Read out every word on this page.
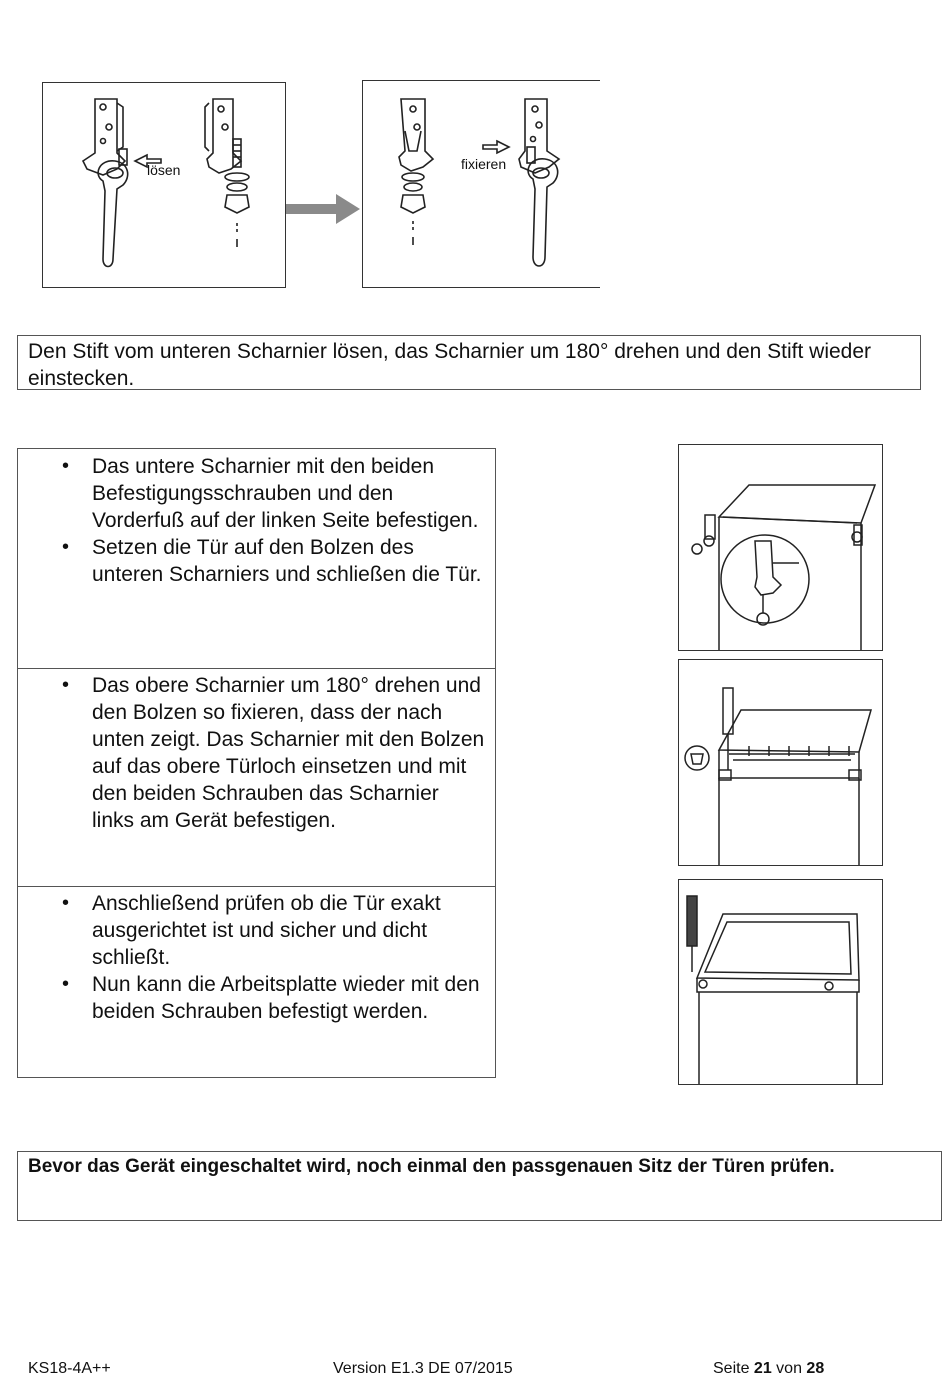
lösen	fixieren
Den Stift vom unteren Scharnier lösen, das Scharnier um 180° drehen und den Stift wieder einstecken.
• Das untere Scharnier mit den beiden Befestigungsschrauben und den Vorderfuß auf der linken Seite befestigen.
• Setzen die Tür auf den Bolzen des unteren Scharniers und schließen die Tür.
• Das obere Scharnier um 180° drehen und den Bolzen so fixieren, dass der nach unten zeigt. Das Scharnier mit den Bolzen auf das obere Türloch einsetzen und mit den beiden Schrauben das Scharnier links am Gerät befestigen.
• Anschließend prüfen ob die Tür exakt ausgerichtet ist und sicher und dicht schließt.
• Nun kann die Arbeitsplatte wieder mit den beiden Schrauben befestigt werden.
Bevor das Gerät eingeschaltet wird, noch einmal den passgenauen Sitz der Türen prüfen.
KS18-4A++	Version E1.3 DE 07/2015	Seite 21 von 28
